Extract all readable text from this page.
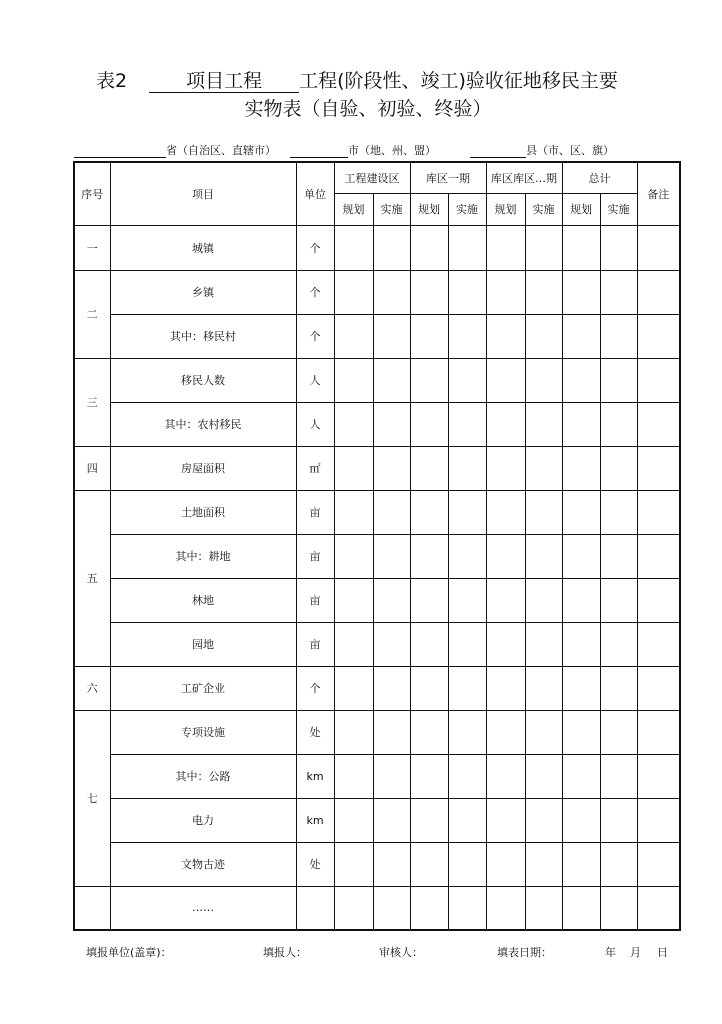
表2	项目工程 工程(阶段性、竣工)验收征地移民主要
实物表（自验、初验、终验）
省（自治区、直辖市）	市（地、州、盟）	县（市、区、旗）
序号	项目	单位	工程建设区		库区一期		库区库区…期		总计		备注
			规划	实施	规划	实施	规划	实施	规划	实施	
一	城镇	个									
二	乡镇	个									
	其中：移民村	个									
三	移民人数	人									
	其中：农村移民	人									
四	房屋面积	㎡									
五	土地面积	亩									
	其中：耕地	亩									
	林地	亩									
	园地	亩									
六	工矿企业	个									
七	专项设施	处									
	其中：公路	km									
	电力	km									
	文物古迹	处									
	……										
填报单位(盖章)：	填报人：	审核人：	填表日期：	年 月 日
